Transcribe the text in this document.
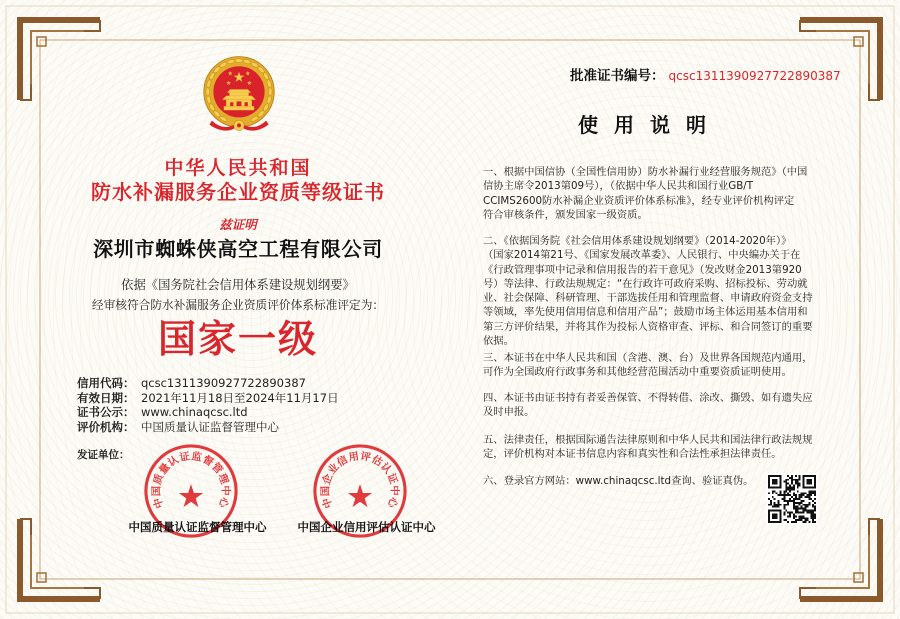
中华人民共和国
防水补漏服务企业资质等级证书
兹证明
深圳市蜘蛛侠高空工程有限公司
依据《国务院社会信用体系建设规划纲要》
经审核符合防水补漏服务企业资质评价体系标准评定为：
国家一级
信用代码： qcsc1311390927722890387
有效日期： 2021年11月18日至2024年11月17日
证书公示： www.chinaqcsc.ltd
评价机构： 中国质量认证监督管理中心
发证单位：
中国质量认证监督管理中心	中国企业信用评估认证中心
中国质量认证监督管理中心	中国企业信用评估认证中心
批准证书编号： qcsc1311390927722890387
使用说明
一、根据中国信协（全国性信用协）防水补漏行业经营服务规范》（中国
信协主席令2013第09号），（依据中华人民共和国行业GB/T
CCIMS2600防水补漏企业资质评价体系标准》，经专业评价机构评定
符合审核条件，颁发国家一级资质。
二、《依据国务院《社会信用体系建设规划纲要》（2014-2020年）》
（国家2014第21号、《国家发展改革委》、人民银行、中央编办关于在
《行政管理事项中记录和信用报告的若干意见》（发改财金2013第920
号）等法律、行政法规规定：“在行政许可政府采购、招标投标、劳动就
业、社会保障、科研管理、干部选拔任用和管理监督、申请政府资金支持
等领域，率先使用信用信息和信用产品”；鼓励市场主体运用基本信用和
第三方评价结果，并将其作为投标人资格审查、评标、和合同签订的重要
依据。
三、本证书在中华人民共和国（含港、澳、台）及世界各国规范内通用，
可作为全国政府行政事务和其他经营范围活动中重要资质证明使用。
四、本证书由证书持有者妥善保管、不得转借、涂改、撕毁、如有遗失应
及时申报。
五、法律责任，根据国际通告法律原则和中华人民共和国法律行政法规规
定，评价机构对本证书信息内容和真实性和合法性承担法律责任。
六、登录官方网站：www.chinaqcsc.ltd查询、验证真伪。
